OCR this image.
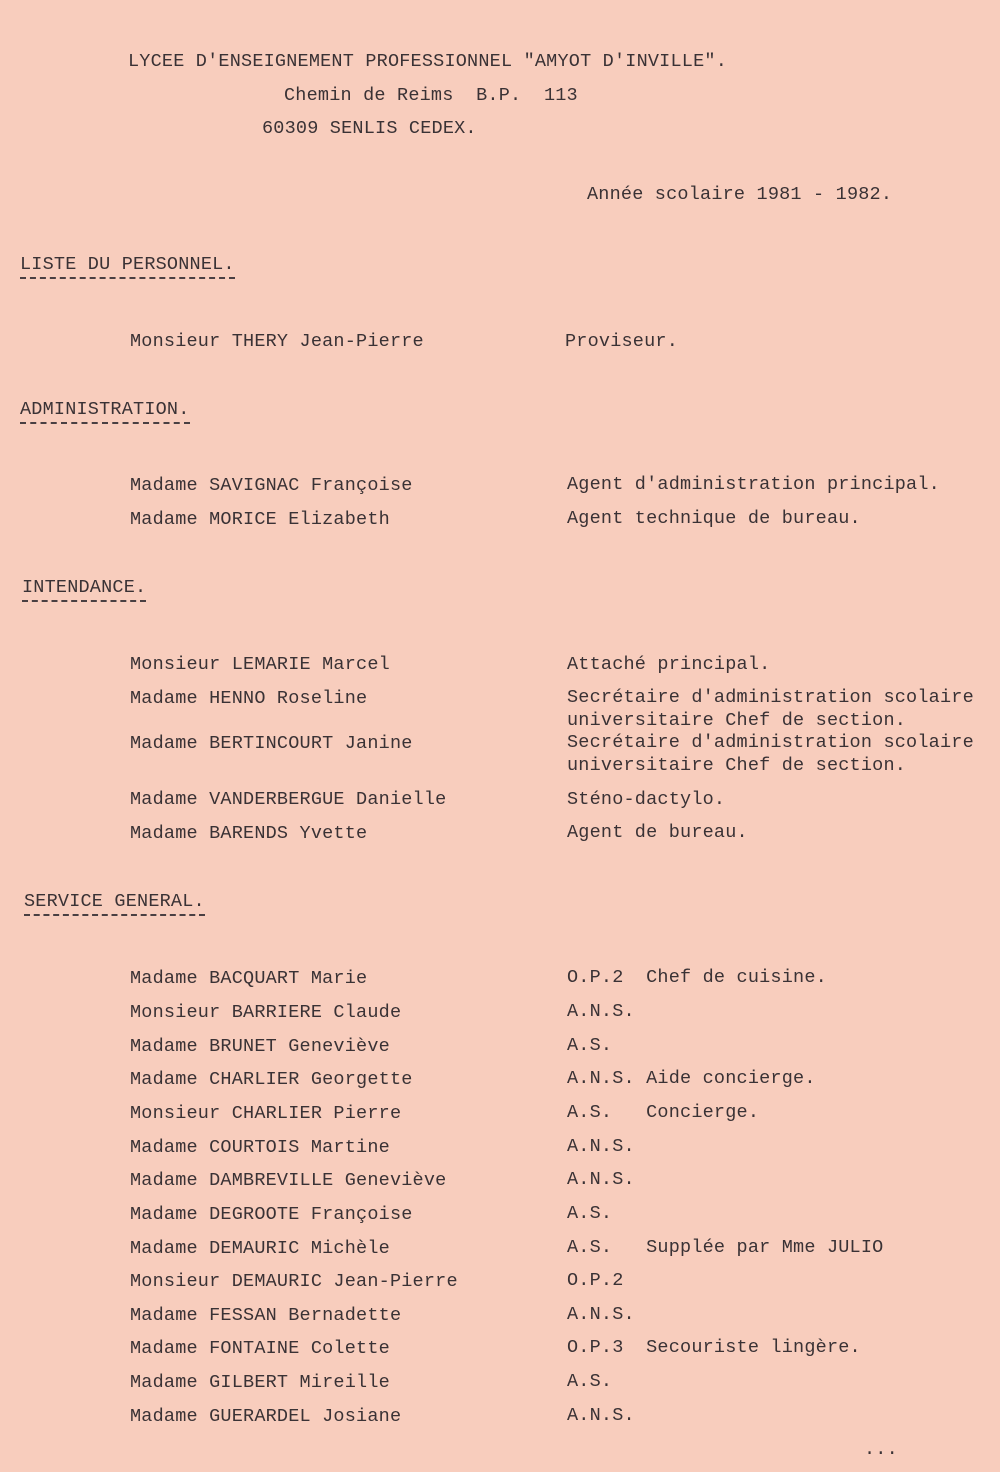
LYCEE D'ENSEIGNEMENT PROFESSIONNEL "AMYOT D'INVILLE".
Chemin de Reims  B.P.  113
60309 SENLIS CEDEX.
Année scolaire 1981 - 1982.
LISTE DU PERSONNEL.
Monsieur THERY Jean-Pierre	Proviseur.
ADMINISTRATION.
Madame SAVIGNAC Françoise	Agent d'administration principal.
Madame MORICE Elizabeth	Agent technique de bureau.
INTENDANCE.
Monsieur LEMARIE Marcel	Attaché principal.
Madame HENNO Roseline	Secrétaire d'administration scolaire
universitaire Chef de section.
Madame BERTINCOURT Janine	Secrétaire d'administration scolaire
universitaire Chef de section.
Madame VANDERBERGUE Danielle	Sténo-dactylo.
Madame BARENDS Yvette	Agent de bureau.
SERVICE GENERAL.
Madame BACQUART Marie	O.P.2  Chef de cuisine.
Monsieur BARRIERE Claude	A.N.S.
Madame BRUNET Geneviève	A.S.
Madame CHARLIER Georgette	A.N.S. Aide concierge.
Monsieur CHARLIER Pierre	A.S.   Concierge.
Madame COURTOIS Martine	A.N.S.
Madame DAMBREVILLE Geneviève	A.N.S.
Madame DEGROOTE Françoise	A.S.
Madame DEMAURIC Michèle	A.S.   Supplée par Mme JULIO
Monsieur DEMAURIC Jean-Pierre	O.P.2
Madame FESSAN Bernadette	A.N.S.
Madame FONTAINE Colette	O.P.3  Secouriste lingère.
Madame GILBERT Mireille	A.S.
Madame GUERARDEL Josiane	A.N.S.
...
